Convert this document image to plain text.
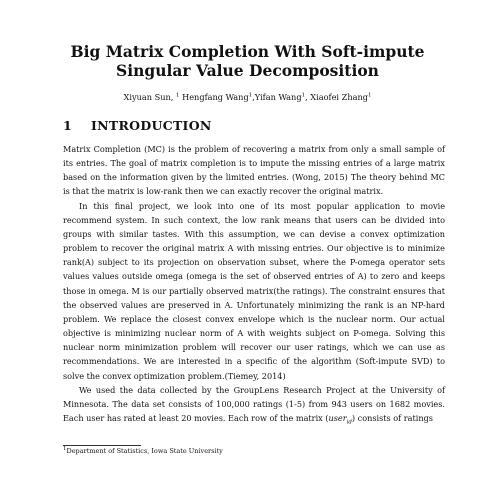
Big Matrix Completion With Soft-impute
Singular Value Decomposition
Xiyuan Sun, $^1$ Hengfang Wang$^1$,Yifan Wang$^1$, Xiaofei Zhang$^1$
1 INTRODUCTION

Matrix Completion (MC) is the problem of recovering a matrix from only a small sample of its entries. The goal of matrix completion is to impute the missing entries of a large matrix based on the information given by the limited entries. (Wong, 2015) The theory behind MC is that the matrix is low-rank then we can exactly recover the original matrix.

In this final project, we look into one of its most popular application to movie recommend system. In such context, the low rank means that users can be divided into groups with similar tastes. With this assumption, we can devise a convex optimization problem to recover the original matrix A with missing entries. Our objective is to minimize rank(A) subject to its projection on observation subset, where the P-omega operator sets values values outside omega (omega is the set of observed entries of A) to zero and keeps those in omega. M is our partially observed matrix(the ratings). The constraint ensures that the observed values are preserved in A. Unfortunately minimizing the rank is an NP-hard problem. We replace the closest convex envelope which is the nuclear norm. Our actual objective is minimizing nuclear norm of A with weights subject on P-omega. Solving this nuclear norm minimization problem will recover our user ratings, which we can use as recommendations. We are interested in a specific of the algorithm (Soft-impute SVD) to solve the convex optimization problem.(Tiemey, 2014)

We used the data collected by the GroupLens Research Project at the University of Minnesota. The data set consists of 100,000 ratings (1-5) from 943 users on 1682 movies. Each user has rated at least 20 movies. Each row of the matrix (user$_{id}$) consists of ratings

$^1$Department of Statistics, Iowa State University
